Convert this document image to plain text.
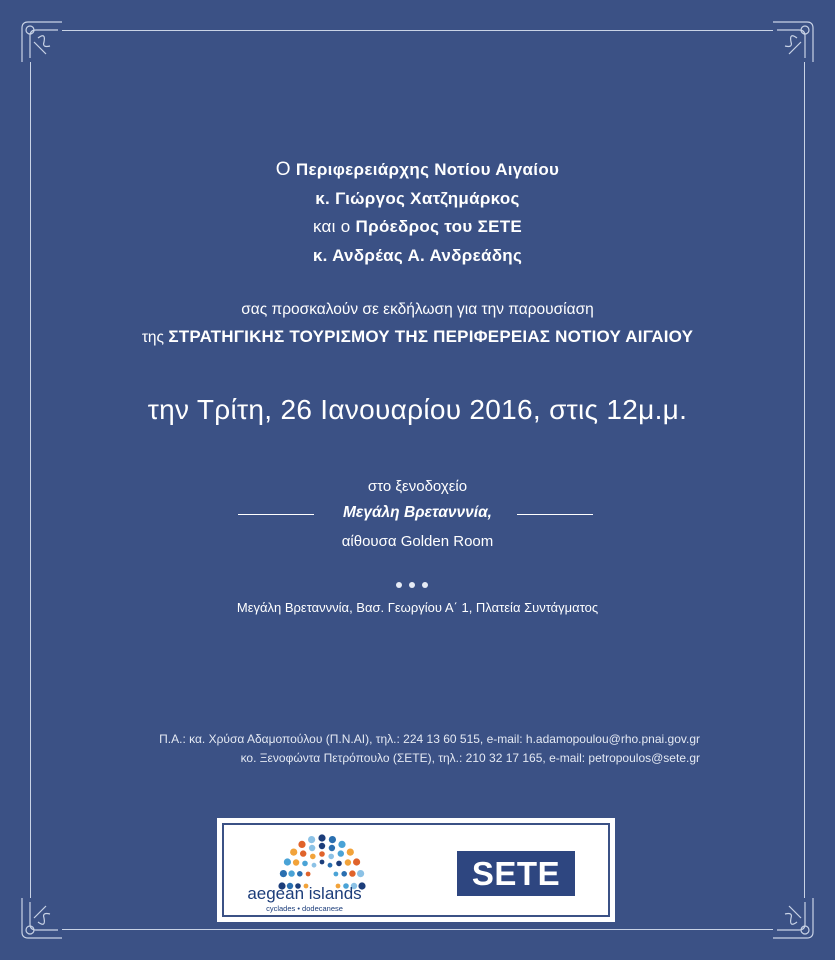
Ο Περιφερειάρχης Νοτίου Αιγαίου
κ. Γιώργος Χατζημάρκος
και ο Πρόεδρος του ΣΕΤΕ
κ. Ανδρέας Α. Ανδρεάδης
σας προσκαλούν σε εκδήλωση για την παρουσίαση
της ΣΤΡΑΤΗΓΙΚΗΣ ΤΟΥΡΙΣΜΟΥ ΤΗΣ ΠΕΡΙΦΕΡΕΙΑΣ ΝΟΤΙΟΥ ΑΙΓΑΙΟΥ
την Τρίτη, 26 Ιανουαρίου 2016, στις 12μ.μ.
στο ξενοδοχείο
Μεγάλη Βρετανννία,
αίθουσα Golden Room
Μεγάλη Βρετανννία, Βασ. Γεωργίου Α΄ 1, Πλατεία Συντάγματος
Π.Α.: κα. Χρύσα Αδαμοπούλου (Π.Ν.ΑΙ), τηλ.: 224 13 60 515, e-mail: h.adamopoulou@rho.pnai.gov.gr
κο. Ξενοφώντα Πετρόπουλο (ΣΕΤΕ), τηλ.: 210 32 17 165, e-mail: petropoulos@sete.gr
aegean islands
cyclades • dodecanese
SETE
